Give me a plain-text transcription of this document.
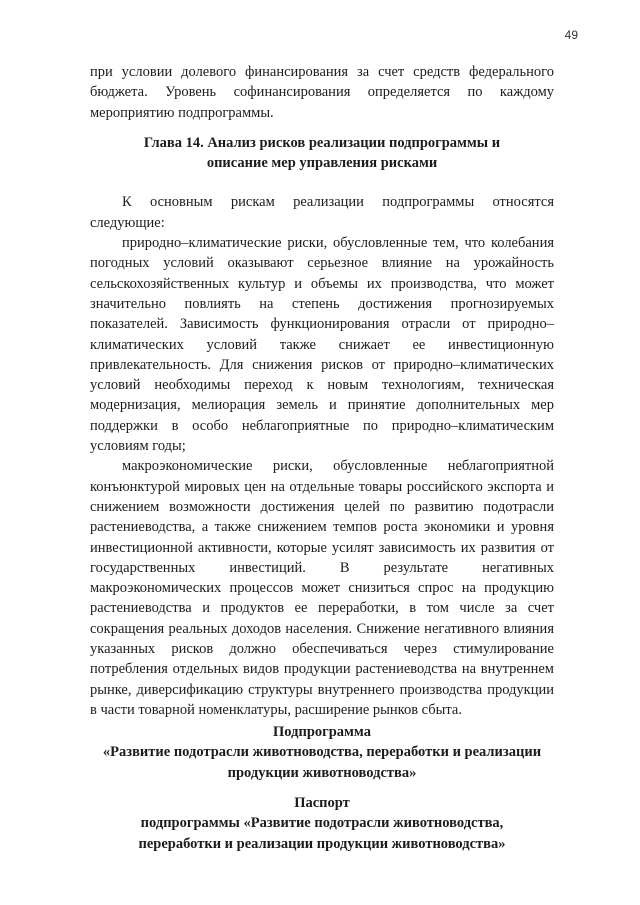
49

при условии долевого финансирования за счет средств федерального бюджета. Уровень софинансирования определяется по каждому мероприятию подпрограммы.

Глава 14. Анализ рисков реализации подпрограммы и
описание мер управления рисками

К основным рискам реализации подпрограммы относятся следующие:

природно–климатические риски, обусловленные тем, что колебания погодных условий оказывают серьезное влияние на урожайность сельскохозяйственных культур и объемы их производства, что может значительно повлиять на степень достижения прогнозируемых показателей. Зависимость функционирования отрасли от природно–климатических условий также снижает ее инвестиционную привлекательность. Для снижения рисков от природно–климатических условий необходимы переход к новым технологиям, техническая модернизация, мелиорация земель и принятие дополнительных мер поддержки в особо неблагоприятные по природно–климатическим условиям годы;

макроэкономические риски, обусловленные неблагоприятной конъюнктурой мировых цен на отдельные товары российского экспорта и снижением возможности достижения целей по развитию подотрасли растениеводства, а также снижением темпов роста экономики и уровня инвестиционной активности, которые усилят зависимость их развития от государственных инвестиций. В результате негативных макроэкономических процессов может снизиться спрос на продукцию растениеводства и продуктов ее переработки, в том числе за счет сокращения реальных доходов населения. Снижение негативного влияния указанных рисков должно обеспечиваться через стимулирование потребления отдельных видов продукции растениеводства на внутреннем рынке, диверсификацию структуры внутреннего производства продукции в части товарной номенклатуры, расширение рынков сбыта.

Подпрограмма
«Развитие подотрасли животноводства, переработки и реализации
продукции животноводства»
Паспорт
подпрограммы «Развитие подотрасли животноводства,
переработки и реализации продукции животноводства»
